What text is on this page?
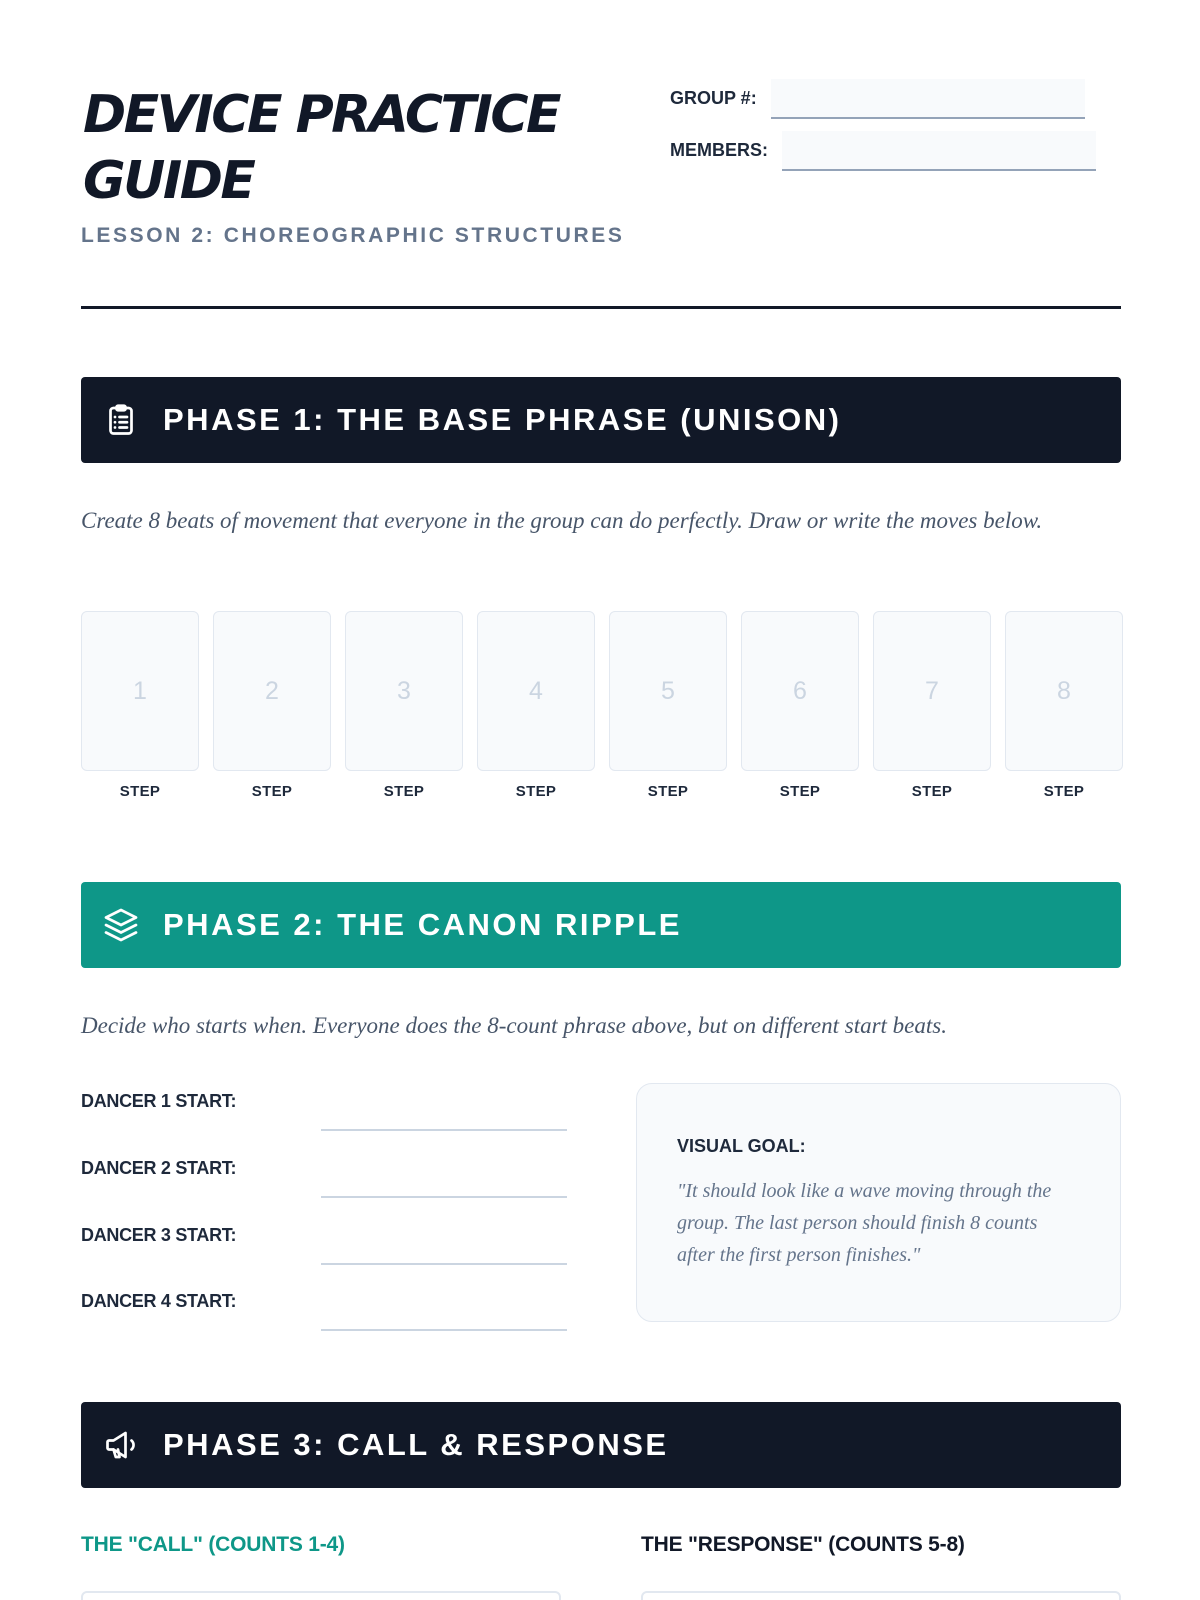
DEVICE PRACTICE GUIDE
LESSON 2: CHOREOGRAPHIC STRUCTURES
GROUP #:
MEMBERS:
PHASE 1: THE BASE PHRASE (UNISON)

Create 8 beats of movement that everyone in the group can do perfectly. Draw or write the moves below.

1
STEP
2
STEP
3
STEP
4
STEP
5
STEP
6
STEP
7
STEP
8
STEP
PHASE 2: THE CANON RIPPLE

Decide who starts when. Everyone does the 8-count phrase above, but on different start beats.

DANCER 1 START:
DANCER 2 START:
DANCER 3 START:
DANCER 4 START:
VISUAL GOAL:

"It should look like a wave moving through the group. The last person should finish 8 counts after the first person finishes."

PHASE 3: CALL & RESPONSE
THE "CALL" (COUNTS 1-4)	THE "RESPONSE" (COUNTS 5-8)
